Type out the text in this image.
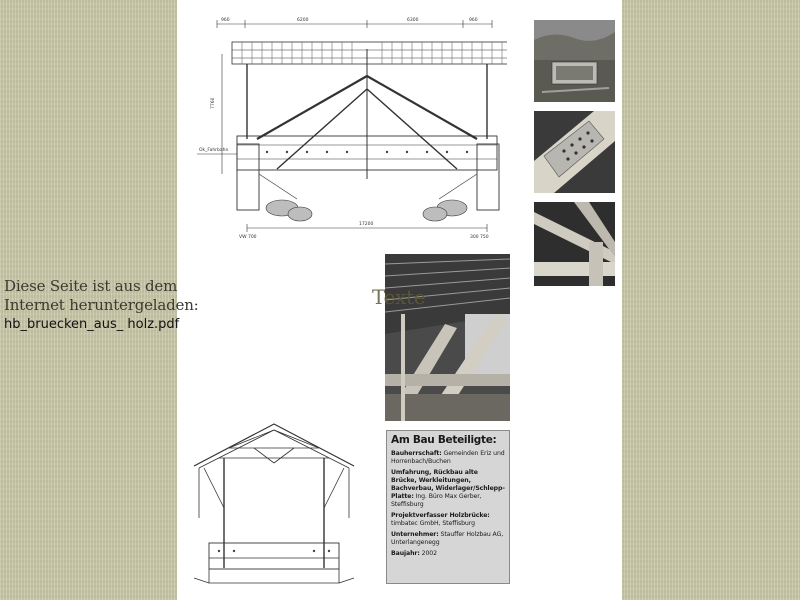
960	6200	6300	960
7760
17200
Ok_Fahrbahn
VW 700	300 750
Diese Seite ist aus dem
Internet heruntergeladen:
hb_bruecken_aus_ holz.pdf
Texte
Am Bau Beteiligte:
Bauherrschaft: Gemeinden Eriz und Horrenbach/Buchen
Umfahrung, Rückbau alte Brücke, Werkleitungen, Bachverbau, Widerlager/Schlepp-Platte: Ing. Büro Max Gerber, Steffisburg
Projektverfasser Holzbrücke: timbatec GmbH, Steffisburg
Unternehmer: Stauffer Holzbau AG, Unterlangenegg
Baujahr: 2002
